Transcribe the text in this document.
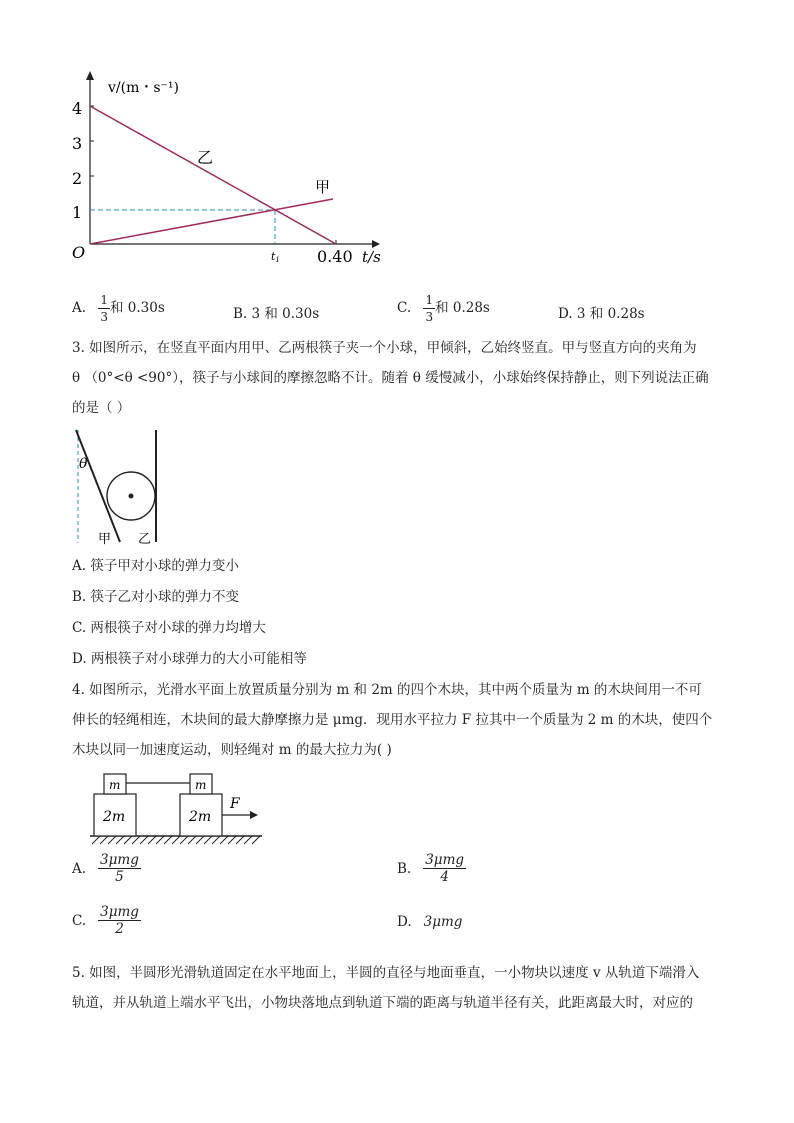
4
3
2
1
O
v/(m・s⁻¹)
t/s
0.40
t1
乙
甲
A. $\frac{1}{3}$ 和 0.30s	B. 3 和 0.30s	C. $\frac{1}{3}$ 和 0.28s	D. 3 和 0.28s
3. 如图所示，在竖直平面内用甲、乙两根筷子夹一个小球，甲倾斜，乙始终竖直。甲与竖直方向的夹角为
θ （0°<θ <90°），筷子与小球间的摩擦忽略不计。随着 θ 缓慢减小，小球始终保持静止，则下列说法正确
的是（ ）
θ
甲 乙
A. 筷子甲对小球的弹力变小
B. 筷子乙对小球的弹力不变
C. 两根筷子对小球的弹力均增大
D. 两根筷子对小球弹力的大小可能相等
4. 如图所示，光滑水平面上放置质量分别为 m 和 2m 的四个木块，其中两个质量为 m 的木块间用一不可
伸长的轻绳相连，木块间的最大静摩擦力是 μmg．现用水平拉力 F 拉其中一个质量为 2 m 的木块，使四个
木块以同一加速度运动，则轻绳对 m 的最大拉力为( )
m	m
2m	2m
F
A. $\frac{\text{3μmg}}{5}$	B. $\frac{\text{3μmg}}{4}$
C. $\frac{\text{3μmg}}{2}$	D. 3μmg
5. 如图，半圆形光滑轨道固定在水平地面上，半圆的直径与地面垂直，一小物块以速度 v 从轨道下端滑入
轨道，并从轨道上端水平飞出，小物块落地点到轨道下端的距离与轨道半径有关，此距离最大时，对应的
